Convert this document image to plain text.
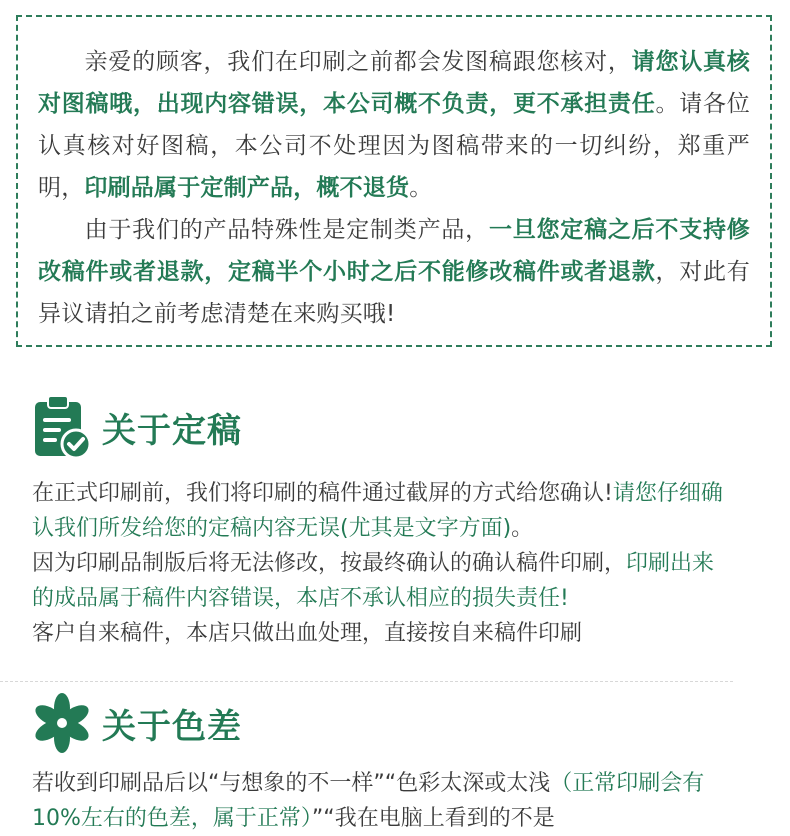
亲爱的顾客，我们在印刷之前都会发图稿跟您核对，请您认真核对图稿哦，出现内容错误，本公司概不负责，更不承担责任。请各位认真核对好图稿，本公司不处理因为图稿带来的一切纠纷，郑重严明，印刷品属于定制产品，概不退货。

由于我们的产品特殊性是定制类产品，一旦您定稿之后不支持修改稿件或者退款，定稿半个小时之后不能修改稿件或者退款，对此有异议请拍之前考虑清楚在来购买哦!

关于定稿

在正式印刷前，我们将印刷的稿件通过截屏的方式给您确认!请您仔细确认我们所发给您的定稿内容无误(尤其是文字方面)。
因为印刷品制版后将无法修改，按最终确认的确认稿件印刷，印刷出来的成品属于稿件内容错误，本店不承认相应的损失责任!
客户自来稿件，本店只做出血处理，直接按自来稿件印刷

关于色差

若收到印刷品后以“与想象的不一样”“色彩太深或太浅（正常印刷会有10%左右的色差，属于正常）”“我在电脑上看到的不是
